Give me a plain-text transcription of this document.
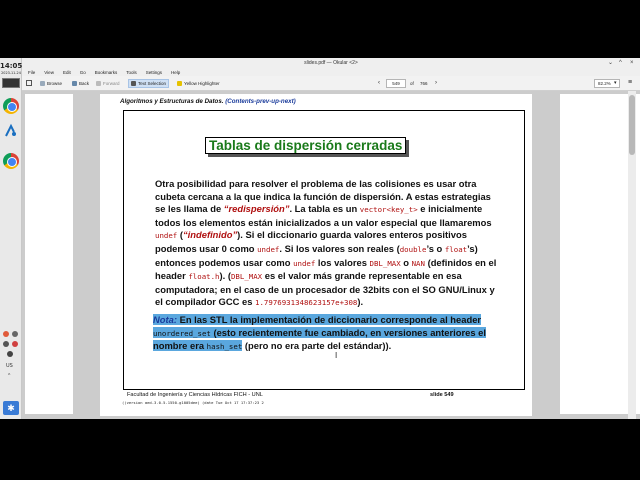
14:05
2023-11-24
US
^
✱
slides.pdf — Okular <2>	⌄ ^ ×
File View Edit Go Bookmarks Tools Settings Help
Browse	Back	Forward	Text Selection	Yellow Highlighter	‹	549	of 766 ›	82.2% ▾ ≡
Algoritmos y Estructuras de Datos. (Contents-prev-up-next)
Tablas de dispersión cerradas
Otra posibilidad para resolver el problema de las colisiones es usar otra cubeta cercana a la que indica la función de dispersión. A estas estrategias se les llama de “redispersión”. La tabla es un vector<key_t> e inicialmente todos los elementos están inicializados a un valor especial que llamaremos undef (“indefinido”). Si el diccionario guarda valores enteros positivos podemos usar 0 como undef. Si los valores son reales (double’s o float’s) entonces podemos usar como undef los valores DBL_MAX o NAN (definidos en el header float.h). (DBL_MAX es el valor más grande representable en esa computadora; en el caso de un procesador de 32bits con el SO GNU/Linux y el compilador GCC es 1.7976931348623157e+308).
Nota: En las STL la implementación de diccionario corresponde al header unordered_set (esto recientemente fue cambiado, en versiones anteriores el nombre era hash_set (pero no era parte del estándar)).
I
Facultad de Ingeniería y Ciencias Hídricas FICH - UNL	slide 549
((version aed-3.0-5-1550-g1005dee) (date Tue Oct 17 17:37:23 2
